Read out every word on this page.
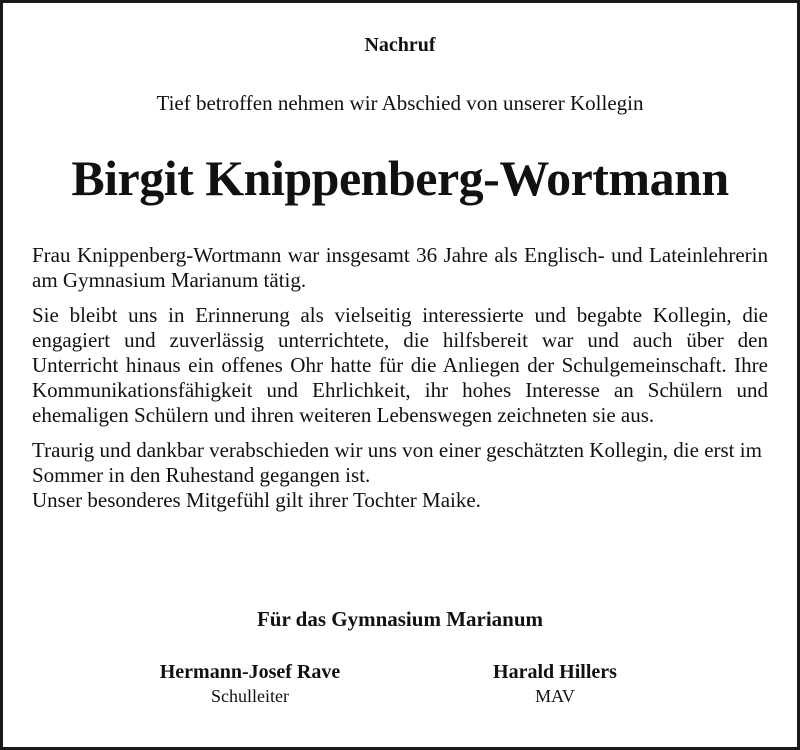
Nachruf
Tief betroffen nehmen wir Abschied von unserer Kollegin
Birgit Knippenberg-Wortmann

Frau Knippenberg-Wortmann war insgesamt 36 Jahre als Englisch- und Lateinlehrerin am Gymnasium Marianum tätig.

Sie bleibt uns in Erinnerung als vielseitig interessierte und begabte Kollegin, die engagiert und zuverlässig unterrichtete, die hilfsbereit war und auch über den Unterricht hinaus ein offenes Ohr hatte für die Anliegen der Schulgemeinschaft. Ihre Kommunikationsfähigkeit und Ehrlichkeit, ihr hohes Interesse an Schülern und ehemaligen Schülern und ihren weiteren Lebenswegen zeichneten sie aus.

Traurig und dankbar verabschieden wir uns von einer geschätzten Kollegin, die erst im Sommer in den Ruhestand gegangen ist.

Unser besonderes Mitgefühl gilt ihrer Tochter Maike.

Für das Gymnasium Marianum
Hermann-Josef Rave
Schulleiter
Harald Hillers
MAV
